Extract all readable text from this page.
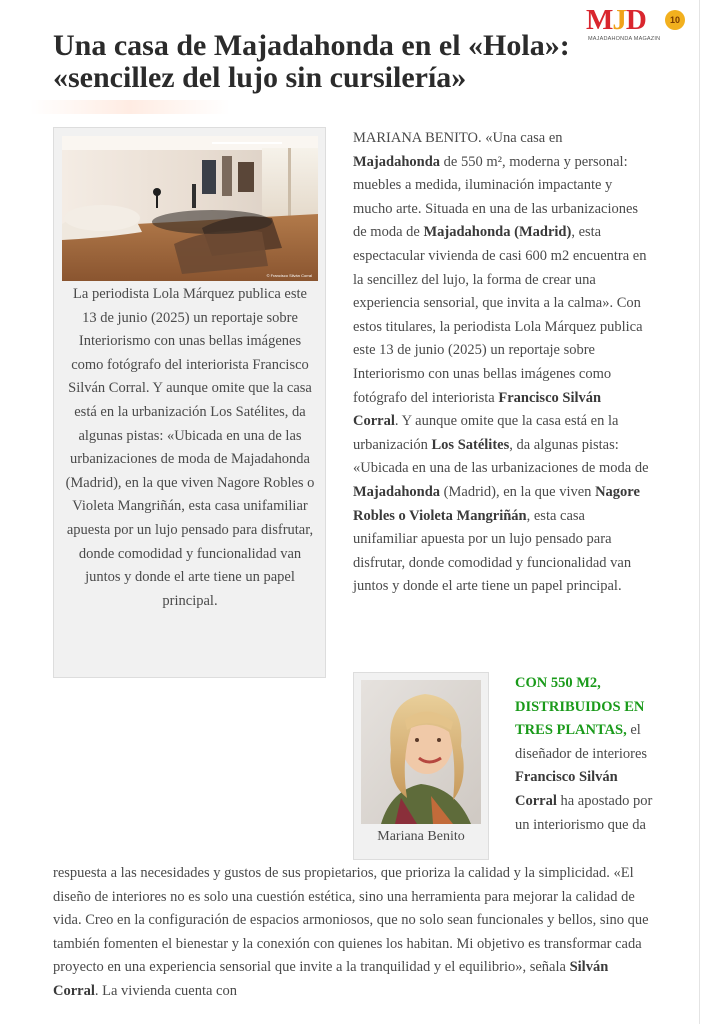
MJD	10
MAJADAHONDA MAGAZIN
Una casa de Majadahonda en el «Hola»:
«sencillez del lujo sin cursilería»
© Francisco Silván Corral

La periodista Lola Márquez publica este 13 de junio (2025) un reportaje sobre Interiorismo con unas bellas imágenes como fotógrafo del interiorista Francisco Silván Corral. Y aunque omite que la casa está en la urbanización Los Satélites, da algunas pistas: «Ubicada en una de las urbanizaciones de moda de Majadahonda (Madrid), en la que viven Nagore Robles o Violeta Mangriñán, esta casa unifamiliar apuesta por un lujo pensado para disfrutar, donde comodidad y funcionalidad van juntos y donde el arte tiene un papel principal.

MARIANA BENITO. «Una casa en
Majadahonda de 550 m², moderna y personal: muebles a medida, iluminación impactante y mucho arte. Situada en una de las urbanizaciones de moda de Majadahonda (Madrid), esta espectacular vivienda de casi 600 m2 encuentra en la sencillez del lujo, la forma de crear una experiencia sensorial, que invita a la calma». Con estos titulares, la periodista Lola Márquez publica este 13 de junio (2025) un reportaje sobre Interiorismo con unas bellas imágenes como fotógrafo del interiorista Francisco Silván Corral. Y aunque omite que la casa está en la urbanización Los Satélites, da algunas pistas: «Ubicada en una de las urbanizaciones de moda de Majadahonda (Madrid), en la que viven Nagore Robles o Violeta Mangriñán, esta casa unifamiliar apuesta por un lujo pensado para disfrutar, donde comodidad y funcionalidad van juntos y donde el arte tiene un papel principal.

Mariana Benito

CON 550 M2, DISTRIBUIDOS EN TRES PLANTAS, el diseñador de interiores Francisco Silván Corral ha apostado por un interiorismo que da

respuesta a las necesidades y gustos de sus propietarios, que prioriza la calidad y la simplicidad. «El diseño de interiores no es solo una cuestión estética, sino una herramienta para mejorar la calidad de vida. Creo en la configuración de espacios armoniosos, que no solo sean funcionales y bellos, sino que también fomenten el bienestar y la conexión con quienes los habitan. Mi objetivo es transformar cada proyecto en una experiencia sensorial que invite a la tranquilidad y el equilibrio», señala Silván Corral. La vivienda cuenta con
